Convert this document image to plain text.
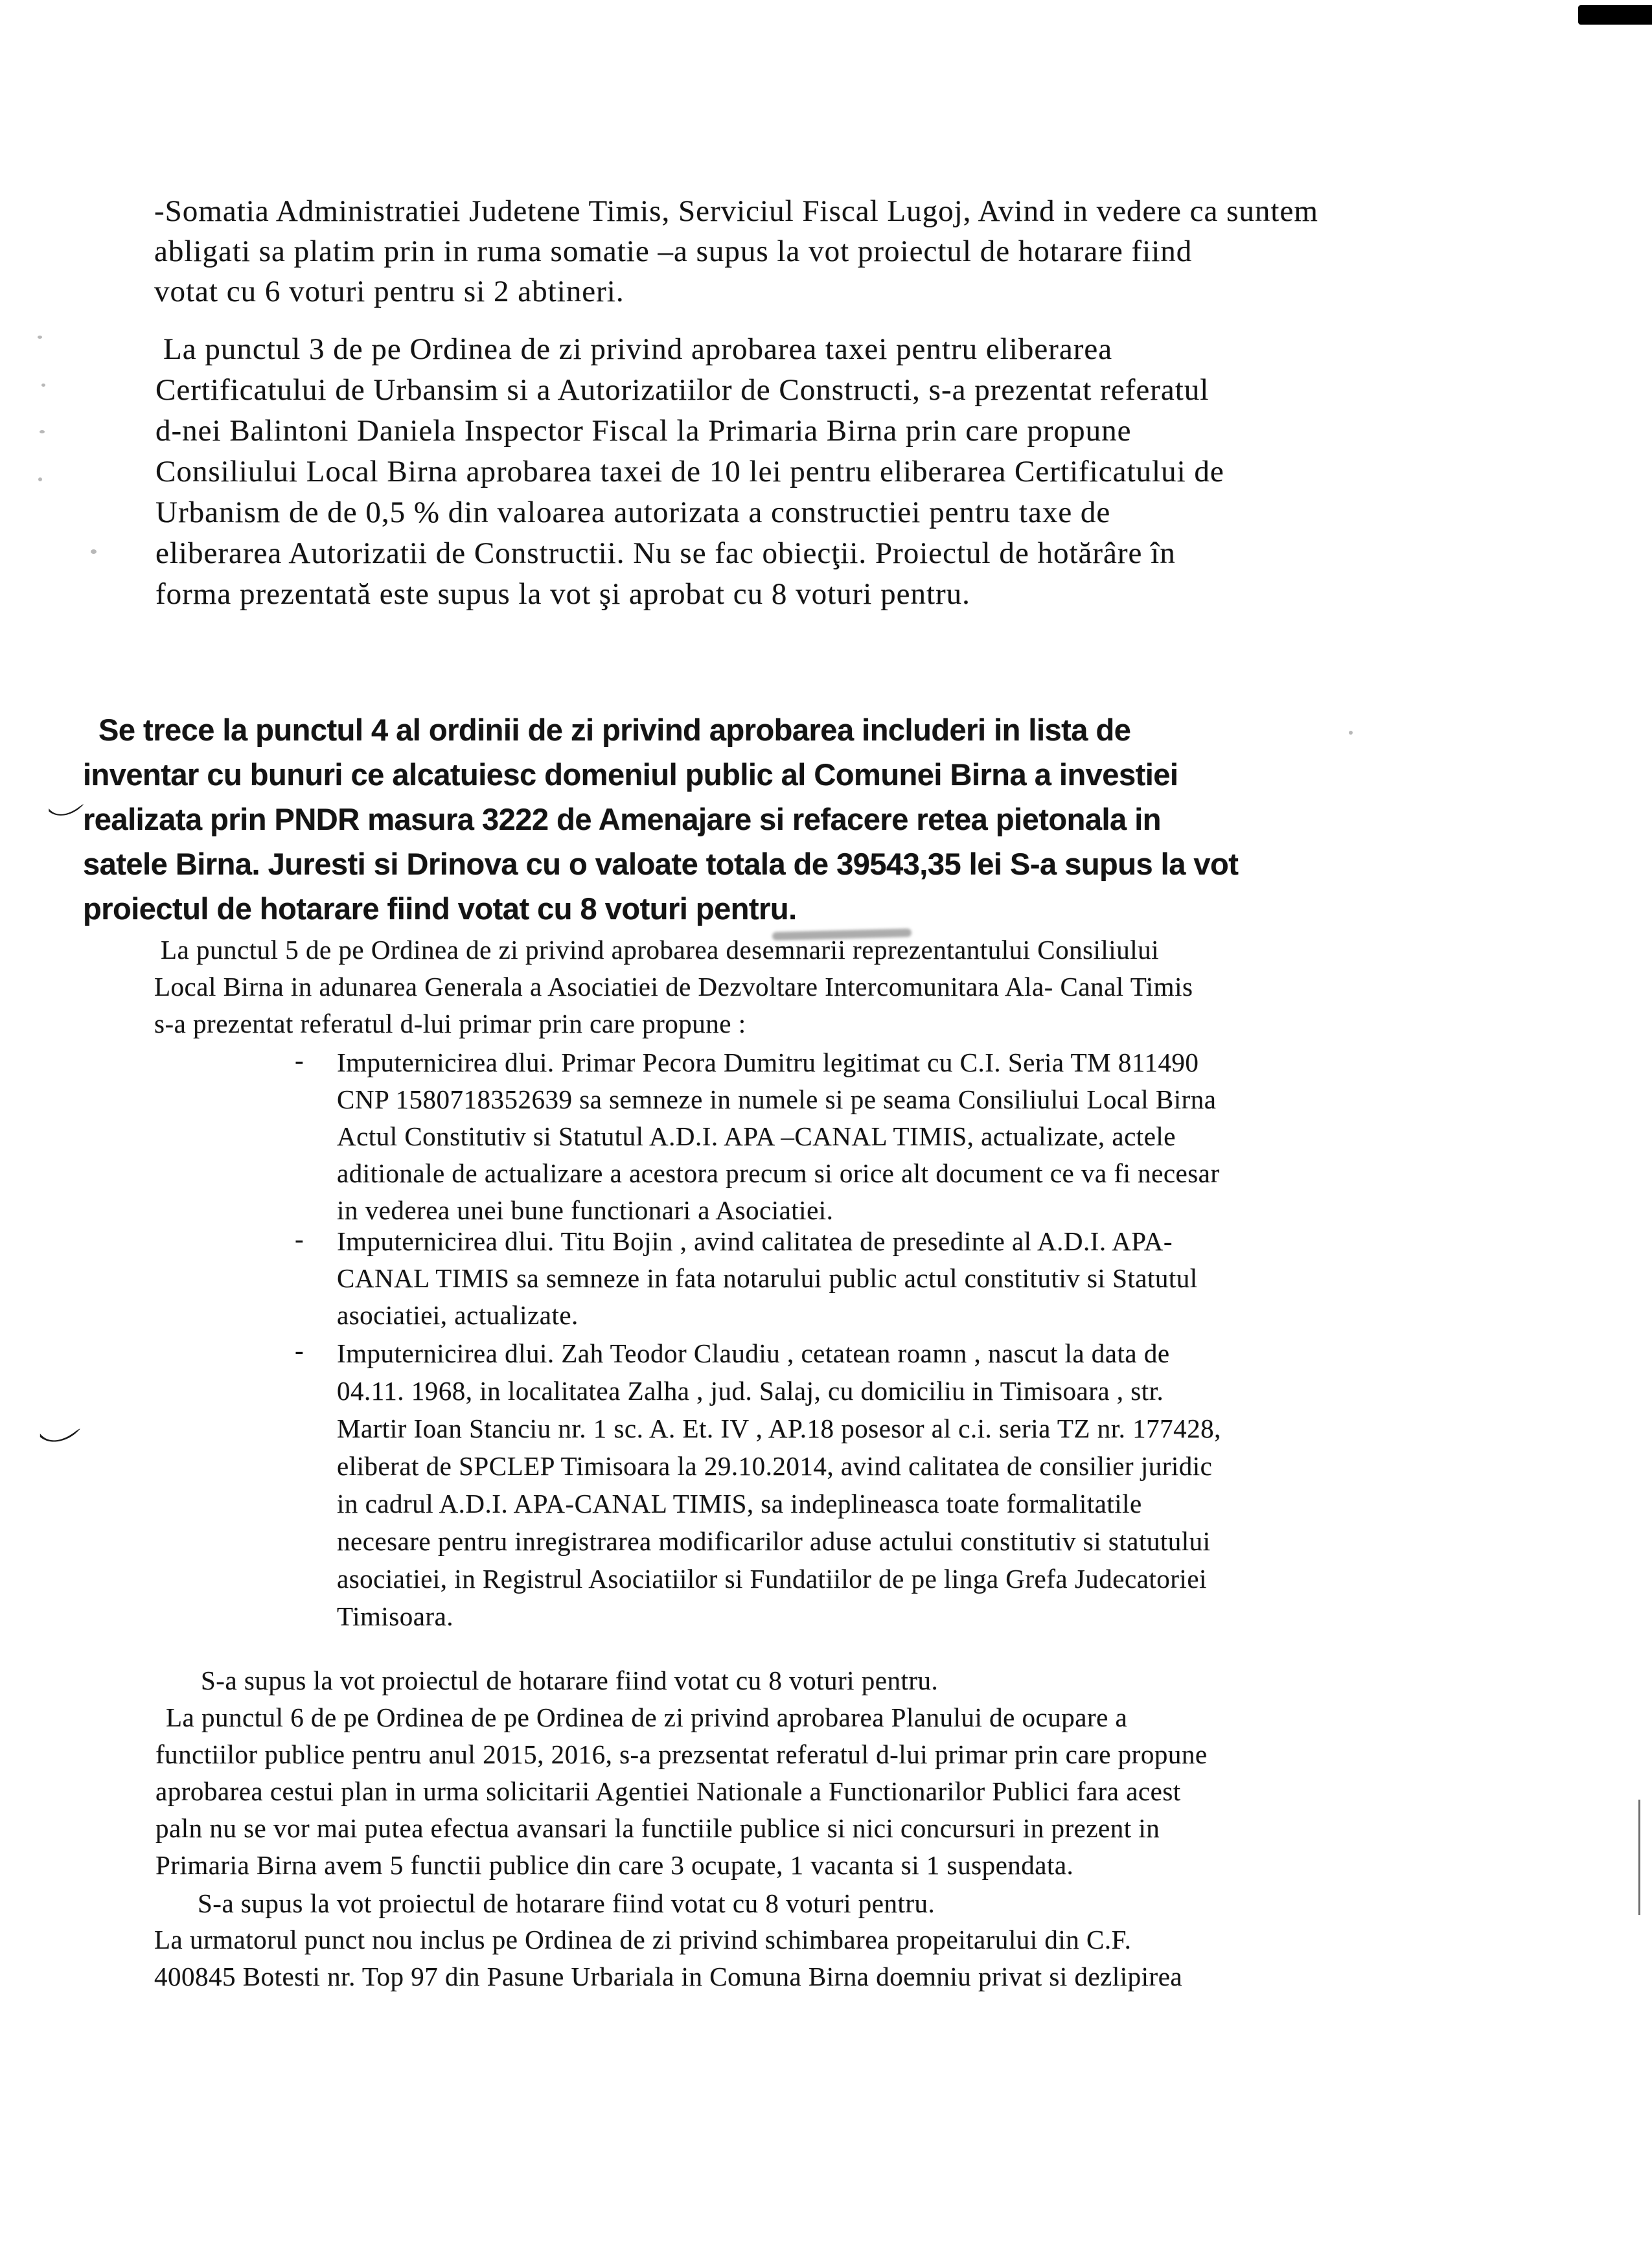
-Somatia Administratiei Judetene Timis, Serviciul Fiscal Lugoj, Avind in vedere ca suntem
abligati sa platim prin in ruma somatie –a supus la vot proiectul de hotarare fiind
votat cu 6 voturi pentru si 2 abtineri.
La punctul 3 de pe Ordinea de zi privind aprobarea taxei pentru eliberarea
Certificatului de Urbansim si a Autorizatiilor de Constructi, s-a prezentat referatul
d-nei Balintoni Daniela Inspector Fiscal la Primaria Birna prin care propune
Consiliului Local Birna aprobarea taxei de 10 lei pentru eliberarea Certificatului de
Urbanism de de 0,5 % din valoarea autorizata a constructiei pentru taxe de
eliberarea Autorizatii de Constructii. Nu se fac obiecţii. Proiectul de hotărâre în
forma prezentată este supus la vot şi aprobat cu 8 voturi pentru.
Se trece la punctul 4 al ordinii de zi privind aprobarea includeri in lista de
inventar cu bunuri ce alcatuiesc domeniul public al Comunei Birna a investiei
realizata prin PNDR masura 3222 de Amenajare si refacere retea pietonala in
satele Birna. Juresti si Drinova cu o valoate totala de 39543,35 lei S-a supus la vot
proiectul de hotarare fiind votat cu 8 voturi pentru.
La punctul 5 de pe Ordinea de zi privind aprobarea desemnarii reprezentantului Consiliului
Local Birna in adunarea Generala a Asociatiei de Dezvoltare Intercomunitara Ala- Canal Timis
s-a prezentat referatul d-lui primar prin care propune :
- Imputernicirea dlui. Primar Pecora Dumitru legitimat cu C.I. Seria TM 811490
CNP 1580718352639 sa semneze in numele si pe seama Consiliului Local Birna
Actul Constitutiv si Statutul A.D.I. APA –CANAL TIMIS, actualizate, actele
aditionale de actualizare a acestora precum si orice alt document ce va fi necesar
in vederea unei bune functionari a Asociatiei.
- Imputernicirea dlui. Titu Bojin , avind calitatea de presedinte al A.D.I. APA-
CANAL TIMIS sa semneze in fata notarului public actul constitutiv si Statutul
asociatiei, actualizate.
- Imputernicirea dlui. Zah Teodor Claudiu , cetatean roamn , nascut la data de
04.11. 1968, in localitatea Zalha , jud. Salaj, cu domiciliu in Timisoara , str.
Martir Ioan Stanciu nr. 1 sc. A. Et. IV , AP.18 posesor al c.i. seria TZ nr. 177428,
eliberat de SPCLEP Timisoara la 29.10.2014, avind calitatea de consilier juridic
in cadrul A.D.I. APA-CANAL TIMIS, sa indeplineasca toate formalitatile
necesare pentru inregistrarea modificarilor aduse actului constitutiv si statutului
asociatiei, in Registrul Asociatiilor si Fundatiilor de pe linga Grefa Judecatoriei
Timisoara.
S-a supus la vot proiectul de hotarare fiind votat cu 8 voturi pentru.
La punctul 6 de pe Ordinea de pe Ordinea de zi privind aprobarea Planului de ocupare a
functiilor publice pentru anul 2015, 2016, s-a prezsentat referatul d-lui primar prin care propune
aprobarea cestui plan in urma solicitarii Agentiei Nationale a Functionarilor Publici fara acest
paln nu se vor mai putea efectua avansari la functiile publice si nici concursuri in prezent in
Primaria Birna avem 5 functii publice din care 3 ocupate, 1 vacanta si 1 suspendata.
S-a supus la vot proiectul de hotarare fiind votat cu 8 voturi pentru.
La urmatorul punct nou inclus pe Ordinea de zi privind schimbarea propeitarului din C.F.
400845 Botesti nr. Top 97 din Pasune Urbariala in Comuna Birna doemniu privat si dezlipirea
